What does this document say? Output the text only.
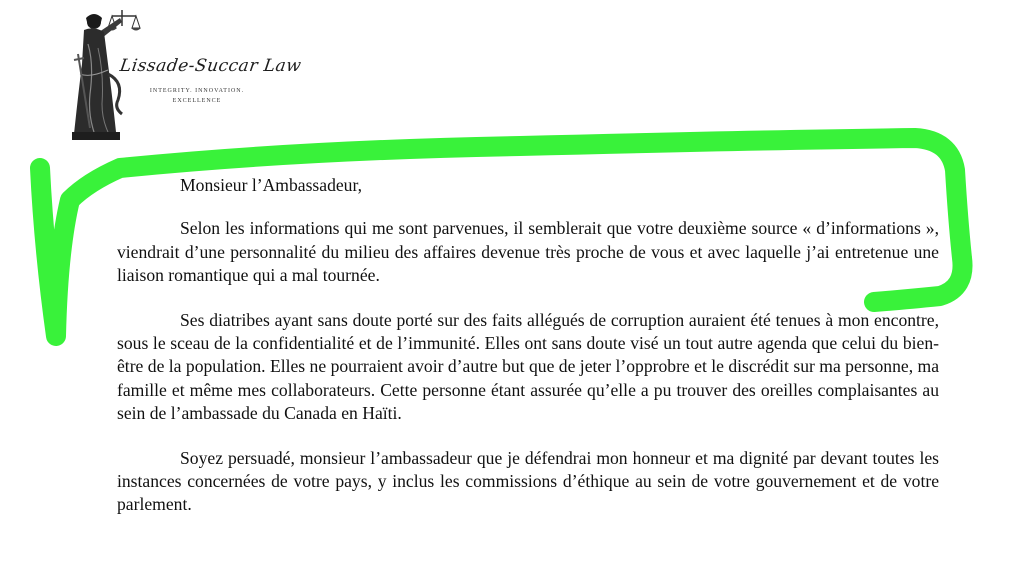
Lissade-Succar Law
INTEGRITY. INNOVATION.
EXCELLENCE
Monsieur l’Ambassadeur,

Selon les informations qui me sont parvenues, il semblerait que votre deuxième source « d’informations », viendrait d’une personnalité du milieu des affaires devenue très proche de vous et avec laquelle j’ai entretenue une liaison romantique qui a mal tournée.

Ses diatribes ayant sans doute porté sur des faits allégués de corruption auraient été tenues à mon encontre, sous le sceau de la confidentialité et de l’immunité. Elles ont sans doute visé un tout autre agenda que celui du bien-être de la population. Elles ne pourraient avoir d’autre but que de jeter l’opprobre et le discrédit sur ma personne, ma famille et même mes collaborateurs. Cette personne étant assurée qu’elle a pu trouver des oreilles complaisantes au sein de l’ambassade du Canada en Haïti.

Soyez persuadé, monsieur l’ambassadeur que je défendrai mon honneur et ma dignité par devant toutes les instances concernées de votre pays, y inclus les commissions d’éthique au sein de votre gouvernement et de votre parlement.
